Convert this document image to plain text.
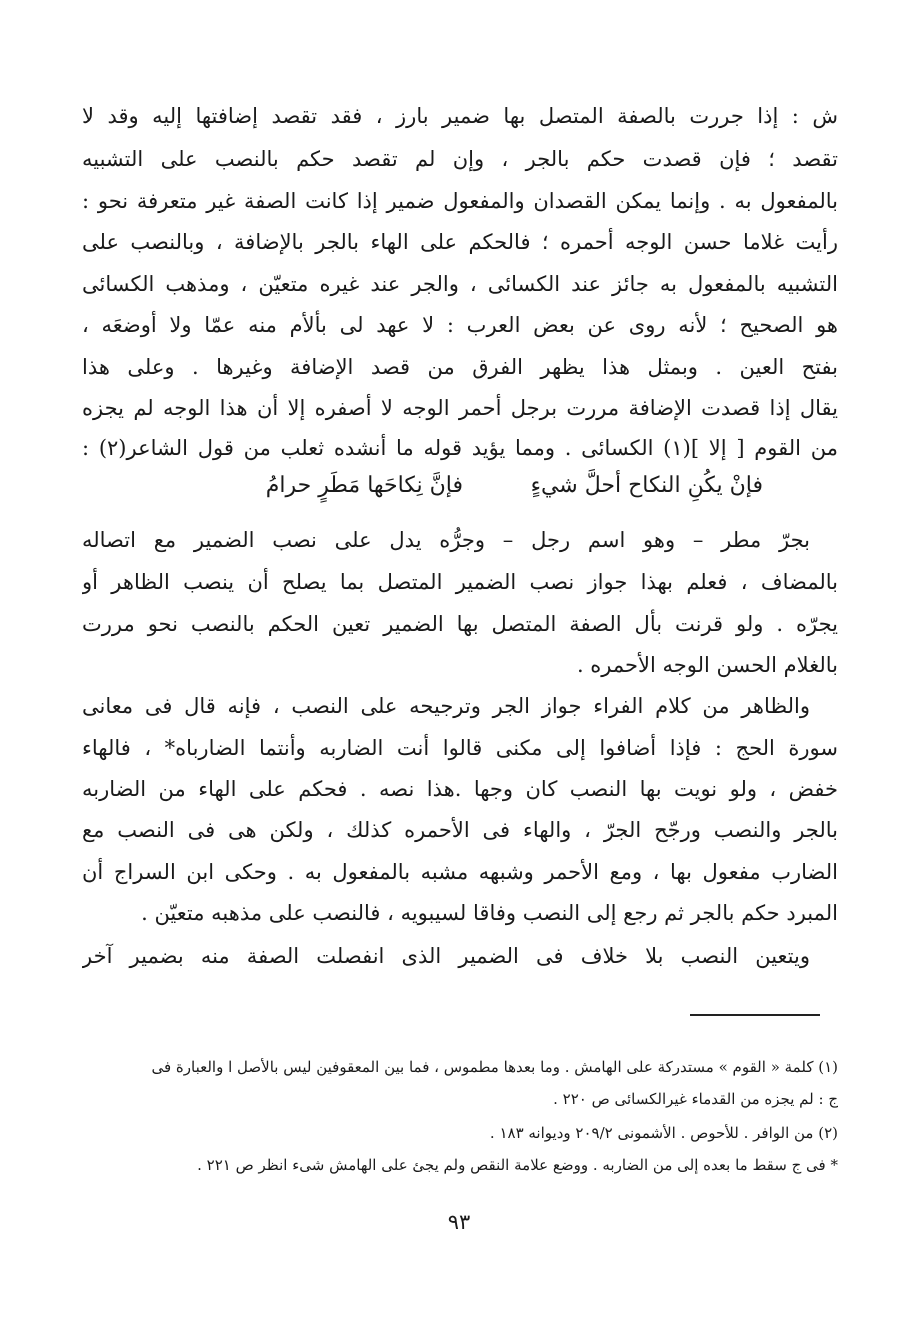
ش : إذا جررت بالصفة المتصل بها ضمير بارز ، فقد تقصد إضافتها إليه وقد لا

تقصد ؛ فإن قصدت حكم بالجر ، وإن لم تقصد حكم بالنصب على التشبيه

بالمفعول به . وإنما يمكن القصدان والمفعول ضمير إذا كانت الصفة غير متعرفة نحو :

رأيت غلاما حسن الوجه أحمره ؛ فالحكم على الهاء بالجر بالإضافة ، وبالنصب على

التشبيه بالمفعول به جائز عند الكسائى ، والجر عند غيره متعيّن ، ومذهب الكسائى

هو الصحيح ؛ لأنه روى عن بعض العرب : لا عهد لى بألأم منه عمّا ولا أوضعَه ،

بفتح العين . وبمثل هذا يظهر الفرق من قصد الإضافة وغيرها . وعلى هذا

يقال إذا قصدت الإضافة مررت برجل أحمر الوجه لا أصفره إلا أن هذا الوجه لم يجزه

من القوم [ إلا ](١) الكسائى . ومما يؤيد قوله ما أنشده ثعلب من قول الشاعر(٢) :

فإنْ يكُنِ النكاح أحلَّ شيءٍ
فإنَّ نِكاحَها مَطَرٍ حرامُ

بجرّ مطر – وهو اسم رجل – وجرُّه يدل على نصب الضمير مع اتصاله

بالمضاف ، فعلم بهذا جواز نصب الضمير المتصل بما يصلح أن ينصب الظاهر أو

يجرّه . ولو قرنت بأل الصفة المتصل بها الضمير تعين الحكم بالنصب نحو مررت

بالغلام الحسن الوجه الأحمره .

والظاهر من كلام الفراء جواز الجر وترجيحه على النصب ، فإنه قال فى معانى

سورة الحج : فإذا أضافوا إلى مكنى قالوا أنت الضاربه وأنتما الضارباه* ، فالهاء

خفض ، ولو نويت بها النصب كان وجها .هذا نصه . فحكم على الهاء من الضاربه

بالجر والنصب ورجّح الجرّ ، والهاء فى الأحمره كذلك ، ولكن هى فى النصب مع

الضارب مفعول بها ، ومع الأحمر وشبهه مشبه بالمفعول به . وحكى ابن السراج أن

المبرد حكم بالجر ثم رجع إلى النصب وفاقا لسيبويه ، فالنصب على مذهبه متعيّن .

ويتعين النصب بلا خلاف فى الضمير الذى انفصلت الصفة منه بضمير آخر

(١) كلمة « القوم » مستدركة على الهامش . وما بعدها مطموس ، فما بين المعقوفين ليس بالأصل ا والعبارة فى

ج : لم يجزه من القدماء غيرالكسائى ص ٢٢٠ .

(٢) من الوافر . للأحوص . الأشمونى ٢٠٩/٢ وديوانه ١٨٣ .

* فى ج سقط ما بعده إلى من الضاربه . ووضع علامة النقص ولم يجئ على الهامش شىء انظر ص ٢٢١ .

٩٣
